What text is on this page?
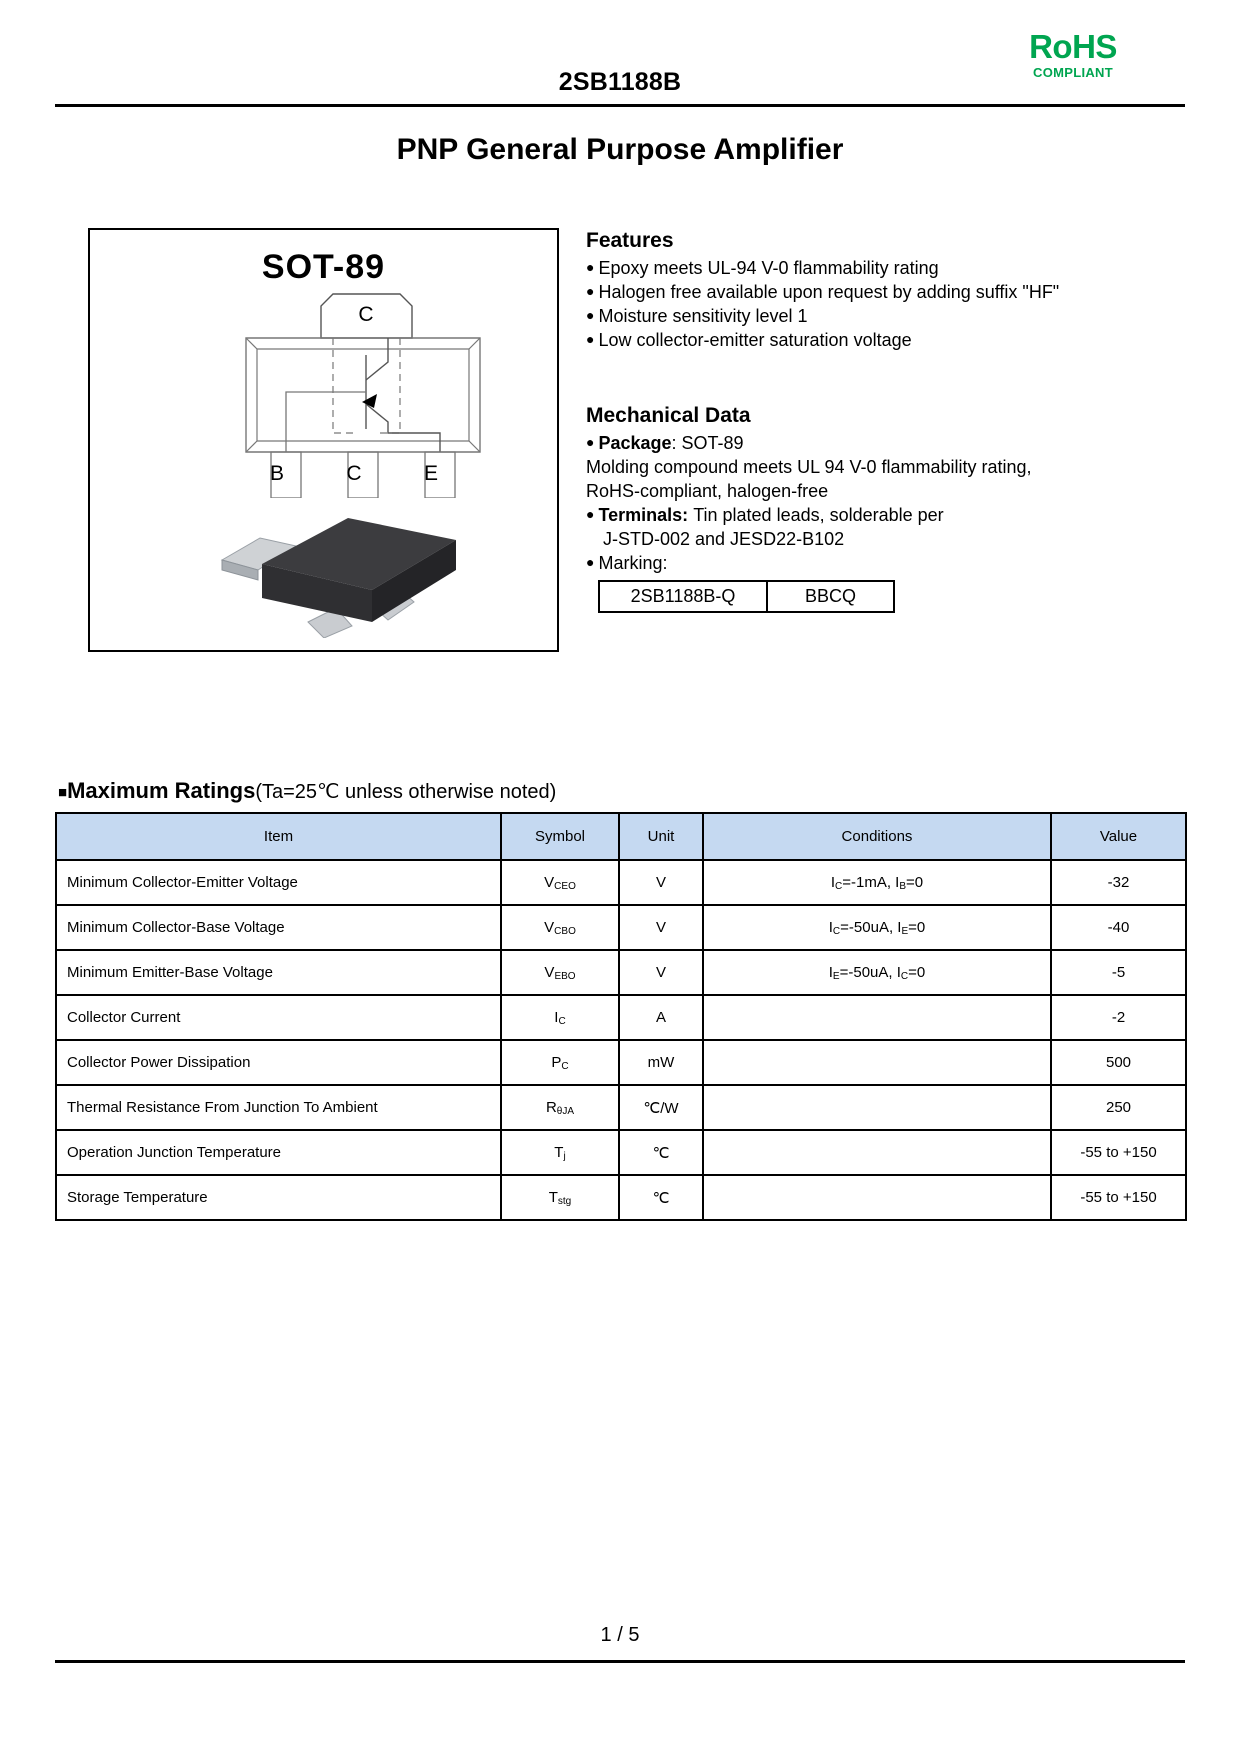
2SB1188B
RoHS
COMPLIANT
PNP General Purpose Amplifier
SOT-89
C
B	C	E
Features
● Epoxy meets UL-94 V-0 flammability rating
● Halogen free available upon request by adding suffix "HF"
● Moisture sensitivity level 1
● Low collector-emitter saturation voltage
Mechanical Data
● Package: SOT-89
Molding compound meets UL 94 V-0 flammability rating,
RoHS-compliant, halogen-free
● Terminals: Tin plated leads, solderable per
J-STD-002 and JESD22-B102
● Marking:
2SB1188B-Q	BBCQ
■Maximum Ratings(Ta=25℃ unless otherwise noted)
Item	Symbol	Unit	Conditions	Value
Minimum Collector-Emitter Voltage	$V_{CEO}$	V	$I_C=-1mA$, $I_B=0$	-32
Minimum Collector-Base Voltage	$V_{CBO}$	V	$I_C=-50uA$, $I_E=0$	-40
Minimum Emitter-Base Voltage	$V_{EBO}$	V	$I_E=-50uA$, $I_C=0$	-5
Collector Current	$I_C$	A		-2
Collector Power Dissipation	$P_C$	mW		500
Thermal Resistance From Junction To Ambient	$R_{\theta JA}$	℃/W		250
Operation Junction Temperature	$T_j$	℃		-55 to +150
Storage Temperature	$T_{stg}$	℃		-55 to +150
1 / 5
